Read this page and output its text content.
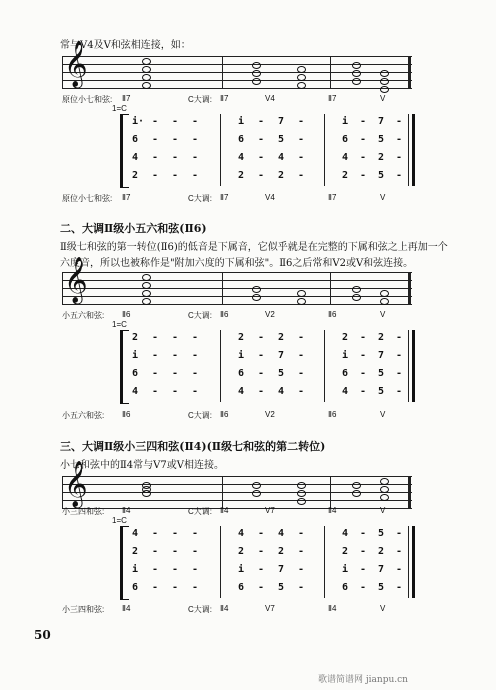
常与V4及V和弦相连接，如：
𝄞
原位小七和弦: Ⅱ7	C大调: Ⅱ7	V4	Ⅱ7	V
1=C
i· - - -	i - 7 -	i - 7 -
6 - - -	6 - 5 -	6 - 5 -
4 - - -	4 - 4 -	4 - 2 -
2 - - -	2 - 2 -	2 - 5 -
原位小七和弦: Ⅱ7	C大调: Ⅱ7	V4	Ⅱ7	V
二、大调Ⅱ级小五六和弦(Ⅱ6)
Ⅱ级七和弦的第一转位(Ⅱ6)的低音是下属音，它似乎就是在完整的下属和弦之上再加一个
六度音，所以也被称作是"附加六度的下属和弦"。Ⅱ6之后常和V2或V和弦连接。
𝄞
小五六和弦: Ⅱ6	C大调: Ⅱ6	V2	Ⅱ6	V
1=C
2 - - -	2 - 2 -	2 - 2 -
i - - -	i - 7 -	i - 7 -
6 - - -	6 - 5 -	6 - 5 -
4 - - -	4 - 4 -	4 - 5 -
小五六和弦: Ⅱ6	C大调: Ⅱ6	V2	Ⅱ6	V
三、大调Ⅱ级小三四和弦(Ⅱ4)(Ⅱ级七和弦的第二转位)
小七和弦中的Ⅱ4常与V7或V相连接。
𝄞
小三四和弦: Ⅱ4	C大调: Ⅱ4	V7	Ⅱ4	V
1=C
4 - - -	4 - 4 -	4 - 5 -
2 - - -	2 - 2 -	2 - 2 -
i - - -	i - 7 -	i - 7 -
6 - - -	6 - 5 -	6 - 5 -
小三四和弦: Ⅱ4	C大调: Ⅱ4	V7	Ⅱ4	V
50
歌谱简谱网 jianpu.cn
